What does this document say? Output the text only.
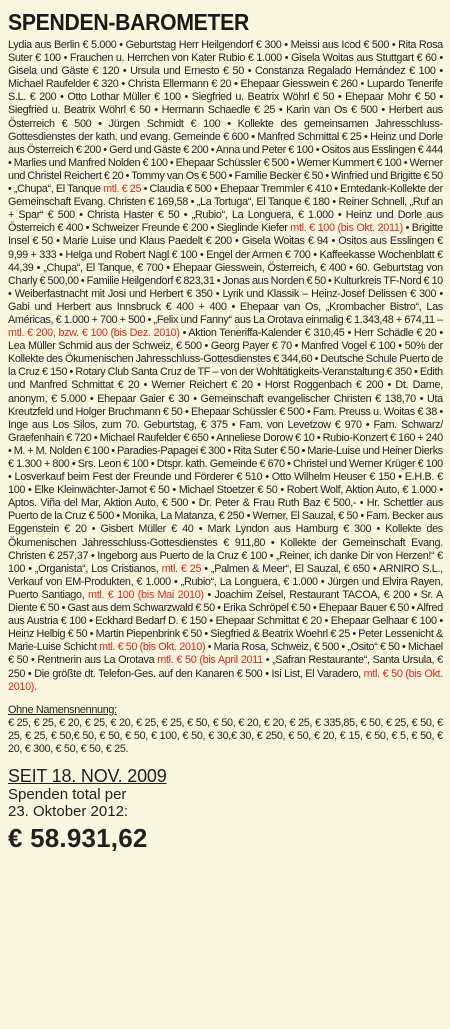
SPENDEN-BAROMETER
Lydia aus Berlin € 5.000 • Geburtstag Herr Heilgendorf € 300 • Meissi aus Icod € 500 • Rita Rosa Suter € 100 • Frauchen u. Herrchen von Kater Rubio € 1.000 • Gisela Woitas aus Stuttgart € 60 • Gisela und Gäste € 120 • Ursula und Ernesto € 50 • Constanza Regalado Hernández € 100 • Michael Raufelder € 320 • Christa Ellermann € 20 • Ehepaar Giesswein € 260 • Lupardo Tenerife S.L. € 200 • Otto Lothar Müller € 100 • Siegfried u. Beatrix Wöhrl € 50 • Ehepaar Mohr € 50 • Siegfried u. Beatrix Wöhrl € 50 • Hermann Schaedle € 25 • Karin van Os € 500 • Herbert aus Österreich € 500 • Jürgen Schmidt € 100 • Kollekte des gemeinsamen Jahresschluss-Gottesdienstes der kath. und evang. Gemeinde € 600 • Manfred Schmittal € 25 • Heinz und Dorle aus Österreich € 200 • Gerd und Gäste € 200 • Anna und Peter € 100 • Ositos aus Esslingen € 444 • Marlies und Manfred Nolden € 100 • Ehepaar Schüssler € 500 • Werner Kummert € 100 • Werner und Christel Reichert € 20 • Tommy van Os € 500 • Familie Becker € 50 • Winfried und Brigitte € 50 • „Chupa“, El Tanque mtl. € 25 • Claudia € 500 • Ehepaar Tremmler € 410 • Erntedank-Kollekte der Gemeinschaft Evang. Christen € 169,58 • „La Tortuga“, El Tanque € 180 • Reiner Schnell, „Ruf an + Spar“ € 500 • Christa Haster € 50 • „Rubio“, La Longuera, € 1.000 • Heinz und Dorle aus Österreich € 400 • Schweizer Freunde € 200 • Sieglinde Kiefer mtl. € 100 (bis Okt. 2011) • Brigitte Insel € 50 • Marie Luise und Klaus Paedelt € 200 • Gisela Woitas € 94 • Ositos aus Esslingen € 9,99 + 333 • Helga und Robert Nagl € 100 • Engel der Armen € 700 • Kaffeekasse Wochenblatt € 44,39 • „Chupa“, El Tanque, € 700 • Ehepaar Giesswein, Österreich, € 400 • 60. Geburtstag von Charly € 500,00 • Familie Heilgendorf € 823,31 • Jonas aus Norden € 50 • Kulturkreis TF-Nord € 10 • Weiberfastnacht mit Josi und Herbert € 350 • Lyrik und Klassik – Heinz-Josef Delissen € 300 • Gabi und Herbert aus Innsbruck € 400 + 400 • Ehepaar van Os, „Krombacher Bistro“, Las Américas, € 1.000 + 700 + 500 • „Felix und Fanny“ aus La Orotava einmalig € 1.343,48 + 674,11 – mtl. € 200, bzw. € 100 (bis Dez. 2010) • Aktion Teneriffa-Kalender € 310,45 • Herr Schädle € 20 • Lea Müller Schmid aus der Schweiz, € 500 • Georg Payer € 70 • Manfred Vogel € 100 • 50% der Kollekte des Ökumenischen Jahresschluss-Gottesdienstes € 344,60 • Deutsche Schule Puerto de la Cruz € 150 • Rotary Club Santa Cruz de TF – von der Wohltätigkeits-Veranstaltung € 350 • Edith und Manfred Schmittat € 20 • Werner Reichert € 20 • Horst Roggenbach € 200 • Dt. Dame, anonym, € 5.000 • Ehepaar Gaier € 30 • Gemeinschaft evangelischer Christen € 138,70 • Uta Kreutzfeld und Holger Bruchmann € 50 • Ehepaar Schüssler € 500 • Fam. Preuss u. Woitas € 38 • Inge aus Los Silos, zum 70. Geburtstag, € 375 • Fam. von Levetzow € 970 • Fam. Schwarz/ Graefenhain € 720 • Michael Raufelder € 650 • Anneliese Dorow € 10 • Rubio-Konzert € 160 + 240 • M. + M. Nolden € 100 • Paradies-Papagei € 300 • Rita Suter € 50 • Marie-Luise und Heiner Dierks € 1.300 + 800 • Srs. Leon € 100 • Dtspr. kath. Gemeinde € 670 • Christel und Werner Krüger € 100 • Losverkauf beim Fest der Freunde und Förderer € 510 • Otto Wilhelm Heuser € 150 • E.H.B. € 100 • Elke Kleinwächter-Jarnot € 50 • Michael Stoetzer € 50 • Robert Wolf, Aktion Auto, € 1.000 • Aptos. Viña del Mar, Aktion Auto, € 500 • Dr. Peter & Frau Ruth Baz € 500,- • Hr. Schettler aus Puerto de la Cruz € 500 • Monika, La Matanza, € 250 • Werner, El Sauzal, € 50 • Fam. Becker aus Eggenstein € 20 • Gisbert Müller € 40 • Mark Lyndon aus Hamburg € 300 • Kollekte des Ökumenischen Jahresschluss-Gottesdienstes € 911,80 • Kollekte der Gemeinschaft Evang. Christen € 257,37 • Ingeborg aus Puerto de la Cruz € 100 • „Reiner, ich danke Dir von Herzen!“ € 100 • „Organista“, Los Cristianos, mtl. € 25 • „Palmen & Meer“, El Sauzal, € 650 • ARNIRO S.L., Verkauf von EM-Produkten, € 1.000 • „Rubio“, La Longuera, € 1.000 • Jürgen und Elvira Rayen, Puerto Santiago, mtl. € 100 (bis Mai 2010) • Joachim Zeisel, Restaurant TACOA, € 200 • Sr. A Diente € 50 • Gast aus dem Schwarzwald € 50 • Erika Schröpel € 50 • Ehepaar Bauer € 50 • Alfred aus Austria € 100 • Eckhard Bedarf D. € 150 • Ehepaar Schmittat € 20 • Ehepaar Gelhaar € 100 • Heinz Helbig € 50 • Martin Piepenbrink € 50 • Siegfried & Beatrix Woehrl € 25 • Peter Lessenicht & Marie-Luise Schicht mtl. € 50 (bis Okt. 2010) • Maria Rosa, Schweiz, € 500 • „Osito“ € 50 • Michael € 50 • Rentnerin aus La Orotava mtl. € 50 (bis April 2011 • „Safran Restaurante“, Santa Ursula, € 250 • Die größte dt. Telefon-Ges. auf den Kanaren € 500 • Isi List, El Varadero, mtl. € 50 (bis Okt. 2010).
Ohne Namensnennung:
€ 25, € 25, € 20, € 25, € 20, € 25, € 25, € 50, € 50, € 20, € 20, € 25, € 335,85, € 50, € 25, € 50, € 25, € 25, € 50,€ 50, € 50, € 50, € 100, € 50, € 30,€ 30, € 250, € 50, € 20, € 15, € 50, € 5, € 50, € 20, € 300, € 50, € 50, € 25.
SEIT 18. NOV. 2009
Spenden total per
23. Oktober 2012:
€ 58.931,62
